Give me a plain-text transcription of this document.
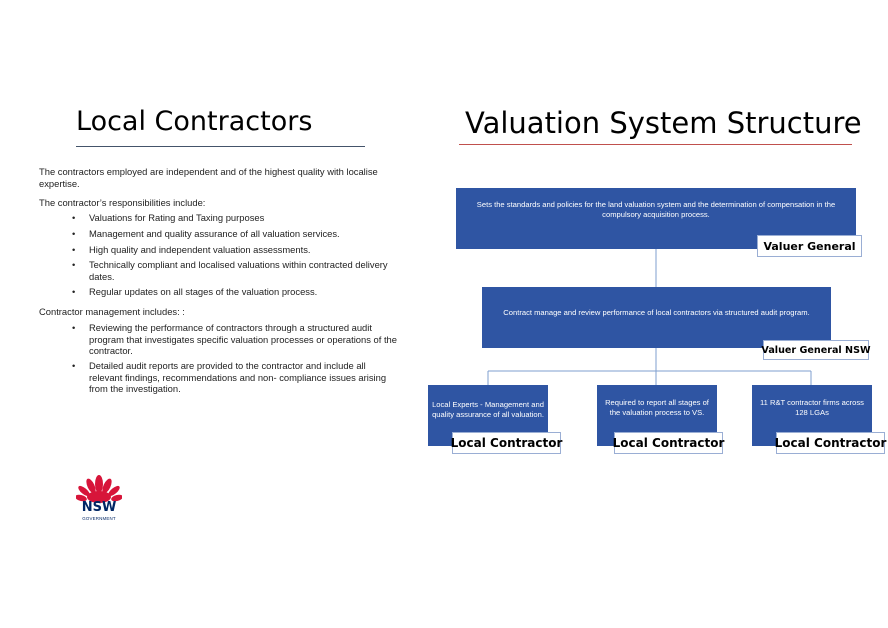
Local Contractors
The contractors employed are independent and of the highest quality with localise expertise.
The contractor’s responsibilities include:
• Valuations for Rating and Taxing purposes
• Management and quality assurance of all valuation services.
• High quality and independent valuation assessments.
• Technically compliant and localised valuations within contracted delivery dates.
• Regular updates on all stages of the valuation process.
Contractor management includes: :
• Reviewing the performance of contractors through a structured audit program that investigates specific valuation processes or operations of the contractor.
• Detailed audit reports are provided to the contractor and include all relevant findings, recommendations and non- compliance issues arising from the investigation.
NSW
GOVERNMENT
Valuation System Structure
Sets the standards and policies for the land valuation system and the determination of compensation in the compulsory acquisition process.
Valuer General
Contract manage and review performance of local contractors via structured audit program.
Valuer General NSW
Local Experts - Management and quality assurance of all valuation.
Local Contractor
Required to report all stages of the valuation process to VS.
Local Contractor
11 R&T contractor firms across 128 LGAs
Local Contractor
